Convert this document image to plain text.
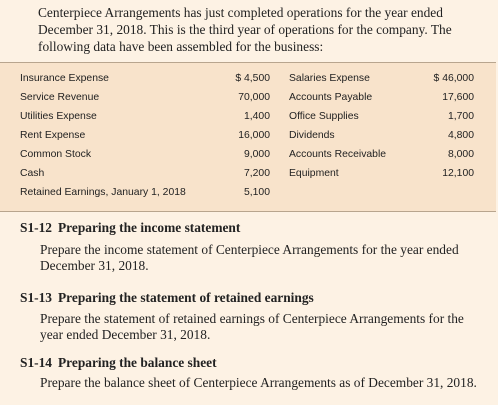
Centerpiece Arrangements has just completed operations for the year ended December 31, 2018. This is the third year of operations for the company. The following data have been assembled for the business:
Insurance Expense	$ 4,500 Salaries Expense	$ 46,000
Service Revenue	70,000 Accounts Payable	17,600
Utilities Expense	1,400 Office Supplies	1,700
Rent Expense	16,000 Dividends	4,800
Common Stock	9,000 Accounts Receivable	8,000
Cash	7,200 Equipment	12,100
Retained Earnings, January 1, 2018	5,100
S1-12 Preparing the income statement
Prepare the income statement of Centerpiece Arrangements for the year ended December 31, 2018.
S1-13 Preparing the statement of retained earnings
Prepare the statement of retained earnings of Centerpiece Arrangements for the year ended December 31, 2018.
S1-14 Preparing the balance sheet
Prepare the balance sheet of Centerpiece Arrangements as of December 31, 2018.
